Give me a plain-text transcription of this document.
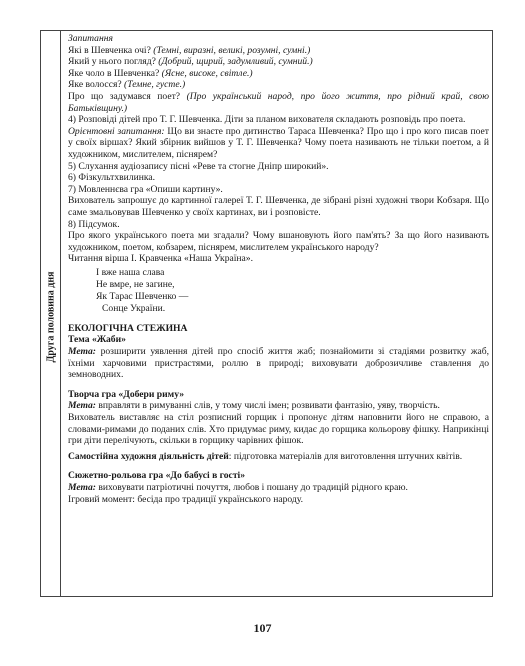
Друга половина дня

Запитання

Які в Шевченка очі? (Темні, виразні, великі, розумні, сумні.)

Який у нього погляд? (Добрий, щирий, задумливий, сумний.)

Яке чоло в Шевченка? (Ясне, високе, світле.)

Яке волосся? (Темне, густе.)

Про що задумався поет? (Про український народ, про його життя, про рідний край, свою Батьківщину.)

4) Розповіді дітей про Т. Г. Шевченка. Діти за планом вихователя складають розповідь про поета.

Орієнтовні запитання: Що ви знаєте про дитинство Тараса Шевченка? Про що і про кого писав поет у своїх віршах? Який збірник вийшов у Т. Г. Шевченка? Чому поета називають не тільки поетом, а й художником, мислителем, піснярем?

5) Слухання аудіозапису пісні «Реве та стогне Дніпр широкий».

6) Фізкультхвилинка.

7) Мовленнєва гра «Опиши картину».

Вихователь запрошує до картинної галереї Т. Г. Шевченка, де зібрані різні художні твори Кобзаря. Що саме змальовував Шевченко у своїх картинах, ви і розповісте.

8) Підсумок.

Про якого українського поета ми згадали? Чому вшановують його пам'ять? За що його називають художником, поетом, кобзарем, піснярем, мислителем українського народу?

Читання вірша І. Кравченка «Наша Україна».

І вже наша слава

Не вмре, не загине,

Як Тарас Шевченко —

Сонце України.

ЕКОЛОГІЧНА СТЕЖИНА

Тема «Жаби»

Мета: розширити уявлення дітей про спосіб життя жаб; познайомити зі стадіями розвитку жаб, їхніми харчовими пристрастями, роллю в природі; виховувати доброзичливе ставлення до земноводних.

Творча гра «Добери риму»

Мета: вправляти в римуванні слів, у тому числі імен; розвивати фантазію, уяву, творчість.

Вихователь виставляє на стіл розписний горщик і пропонує дітям наповнити його не справою, а словами-римами до поданих слів. Хто придумає риму, кидає до горщика кольорову фішку. Наприкінці гри діти перелічують, скільки в горщику чарівних фішок.

Самостійна художня діяльність дітей: підготовка матеріалів для виготовлення штучних квітів.

Сюжетно-рольова гра «До бабусі в гості»

Мета: виховувати патріотичні почуття, любов і пошану до традицій рідного краю.

Ігровий момент: бесіда про традиції українського народу.

107
